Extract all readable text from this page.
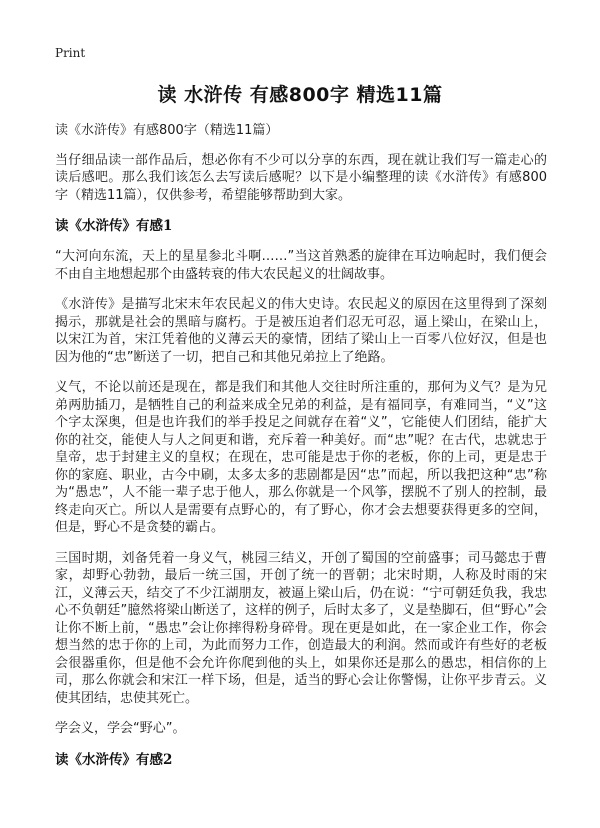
Print
读 水浒传 有感800字 精选11篇

读《水浒传》有感800字（精选11篇）

当仔细品读一部作品后，想必你有不少可以分享的东西，现在就让我们写一篇走心的读后感吧。那么我们该怎么去写读后感呢？以下是小编整理的读《水浒传》有感800字（精选11篇），仅供参考，希望能够帮助到大家。

读《水浒传》有感1

“大河向东流，天上的星星参北斗啊……”当这首熟悉的旋律在耳边响起时，我们便会不由自主地想起那个由盛转衰的伟大农民起义的壮阔故事。

《水浒传》是描写北宋末年农民起义的伟大史诗。农民起义的原因在这里得到了深刻揭示，那就是社会的黑暗与腐朽。于是被压迫者们忍无可忍，逼上梁山，在梁山上，以宋江为首，宋江凭着他的义薄云天的豪情，团结了梁山上一百零八位好汉，但是也因为他的“忠”断送了一切，把自己和其他兄弟拉上了绝路。

义气，不论以前还是现在，都是我们和其他人交往时所注重的，那何为义气？是为兄弟两肋插刀，是牺牲自己的利益来成全兄弟的利益，是有福同享，有难同当，“义”这个字太深奥，但是也许我们的举手投足之间就存在着“义”，它能使人们团结，能扩大你的社交，能使人与人之间更和谐，充斥着一种美好。而“忠”呢？在古代，忠就忠于皇帝，忠于封建主义的皇权；在现在，忠可能是忠于你的老板，你的上司，更是忠于你的家庭、职业，古今中刷，太多太多的悲剧都是因“忠”而起，所以我把这种“忠”称为“愚忠”，人不能一辈子忠于他人，那么你就是一个风筝，摆脱不了别人的控制，最终走向灭亡。所以人是需要有点野心的，有了野心，你才会去想要获得更多的空间，但是，野心不是贪婪的霸占。

三国时期，刘备凭着一身义气，桃园三结义，开创了蜀国的空前盛事；司马懿忠于曹家，却野心勃勃，最后一统三国，开创了统一的晋朝；北宋时期，人称及时雨的宋江，义薄云天，结交了不少江湖朋友，被逼上梁山后，仍在说：“宁可朝廷负我，我忠心不负朝廷”臆然将梁山断送了，这样的例子，后时太多了，义是垫脚石，但“野心”会让你不断上前，“愚忠”会让你摔得粉身碎骨。现在更是如此，在一家企业工作，你会想当然的忠于你的上司，为此而努力工作，创造最大的利润。然而或许有些好的老板会很器重你，但是他不会允许你爬到他的头上，如果你还是那么的愚忠，相信你的上司，那么你就会和宋江一样下场，但是，适当的野心会让你警惕，让你平步青云。义使其团结，忠使其死亡。

学会义，学会“野心”。

读《水浒传》有感2
